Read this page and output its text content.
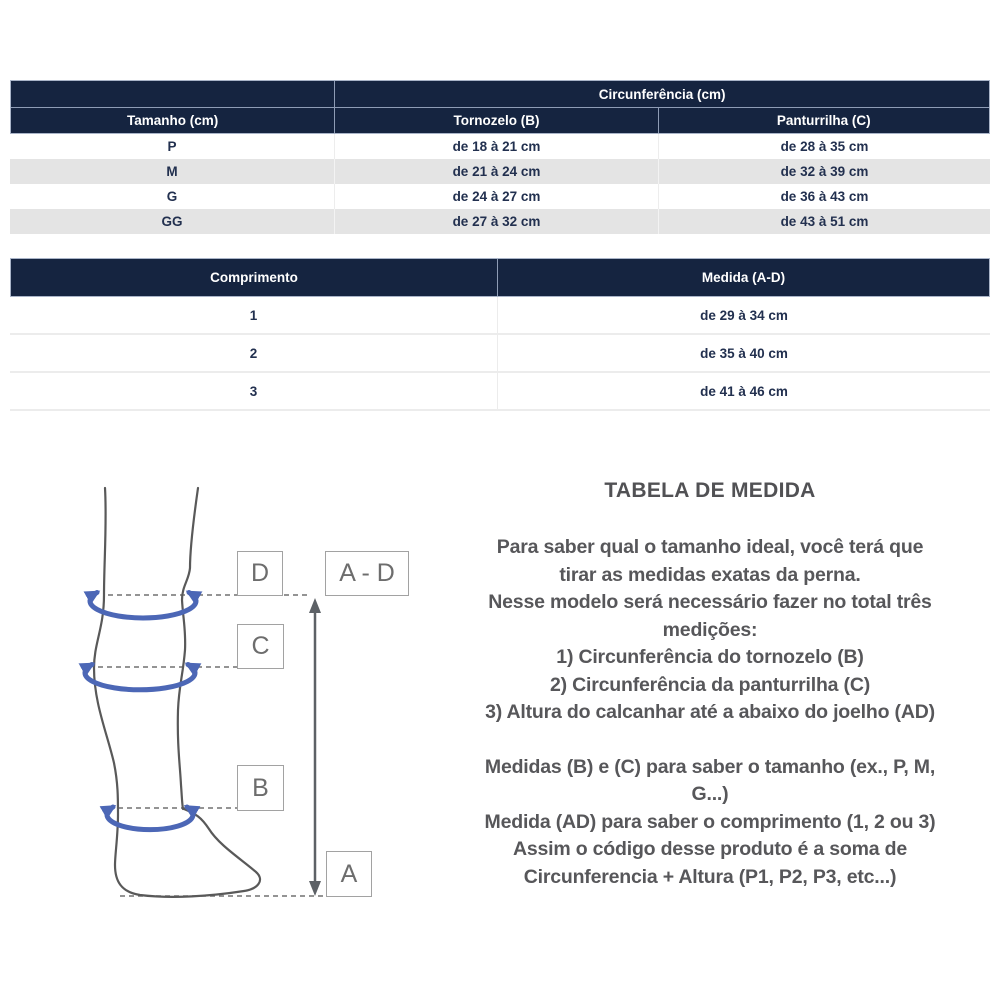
Circunferência (cm)
Tamanho (cm)	Tornozelo (B)	Panturrilha (C)
P	de 18 à 21 cm	de 28 à 35 cm
M	de 21 à 24 cm	de 32 à 39 cm
G	de 24 à 27 cm	de 36 à 43 cm
GG	de 27 à 32 cm	de 43 à 51 cm
Comprimento	Medida (A-D)
1	de 29 à 34 cm
2	de 35 à 40 cm
3	de 41 à 46 cm
D	A - D
C
B
A
TABELA DE MEDIDA
Para saber qual o tamanho ideal, você terá que
tirar as medidas exatas da perna.
Nesse modelo será necessário fazer no total três
medições:
1) Circunferência do tornozelo (B)
2) Circunferência da panturrilha (C)
3) Altura do calcanhar até a abaixo do joelho (AD)
Medidas (B) e (C) para saber o tamanho (ex., P, M,
G...)
Medida (AD) para saber o comprimento (1, 2 ou 3)
Assim o código desse produto é a soma de
Circunferencia + Altura (P1, P2, P3, etc...)
